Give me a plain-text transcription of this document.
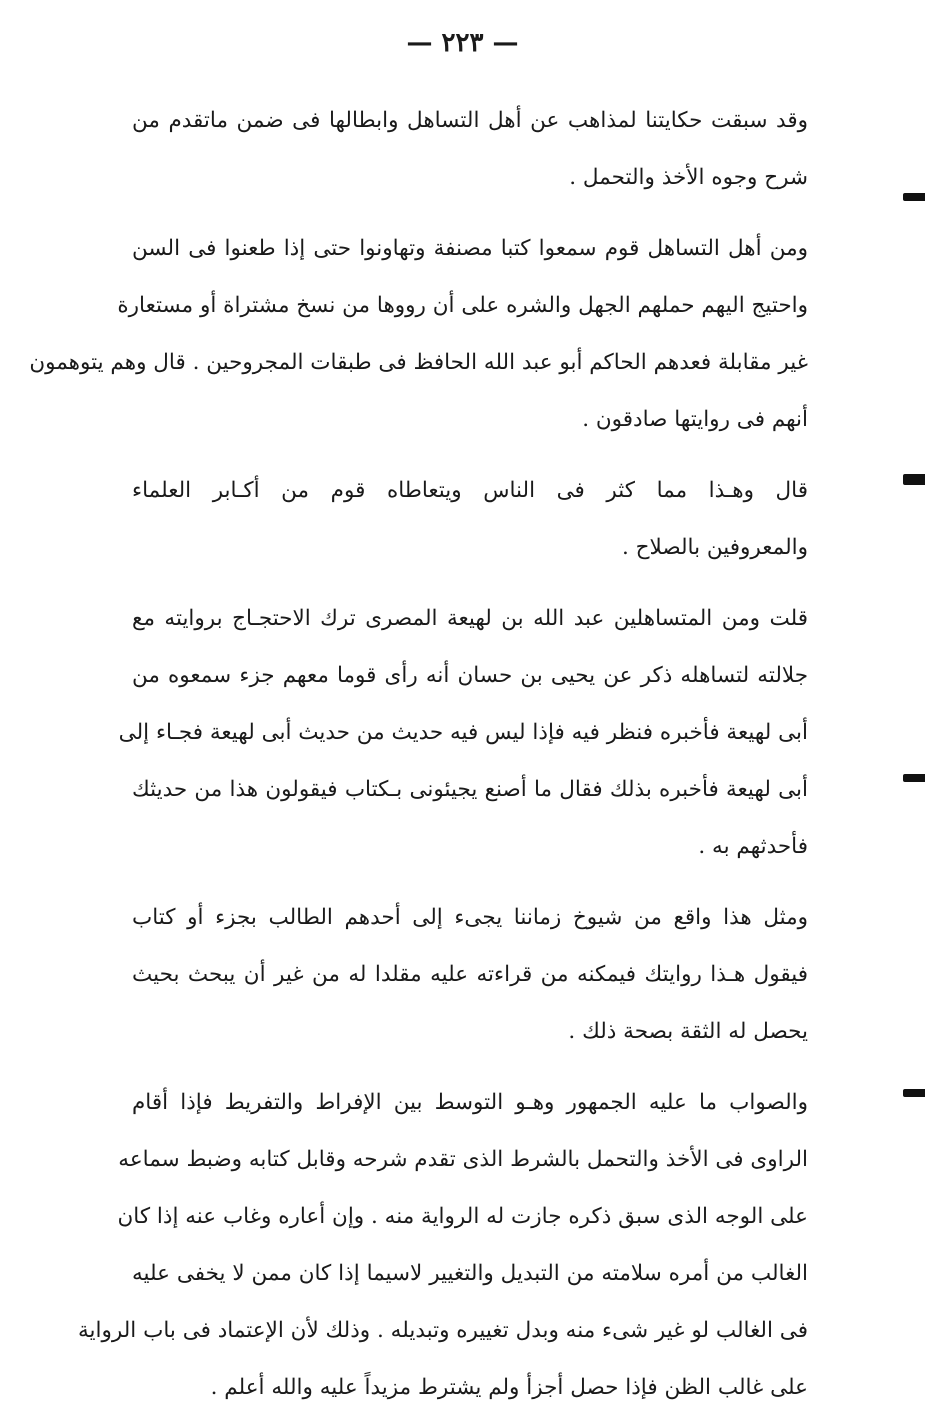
— ٢٢٣ —

وقد سبقت حكايتنا لمذاهب عن أهل التساهل وابطالها فى ضمن ماتقدم من
شرح وجوه الأخذ والتحمل .

ومن أهل التساهل قوم سمعوا كتبا مصنفة وتهاونوا حتى إذا طعنوا فى السن
واحتيج اليهم حملهم الجهل والشره على أن رووها من نسخ مشتراة أو مستعارة
غير مقابلة فعدهم الحاكم أبو عبد الله الحافظ فى طبقات المجروحين . قال وهم يتوهمون
أنهم فى روايتها صادقون .

قال وهـذا مما كثر فى الناس ويتعاطاه قوم من أكـابر العلماء
والمعروفين بالصلاح .

قلت ومن المتساهلين عبد الله بن لهيعة المصرى ترك الاحتجـاج بروايته مع
جلالته لتساهله ذكر عن يحيى بن حسان أنه رأى قوما معهم جزء سمعوه من
أبى لهيعة فأخبره فنظر فيه فإذا ليس فيه حديث من حديث أبى لهيعة فجـاء إلى
أبى لهيعة فأخبره بذلك فقال ما أصنع يجيئونى بـكتاب فيقولون هذا من حديثك
فأحدثهم به .

ومثل هذا واقع من شيوخ زماننا يجىء إلى أحدهم الطالب بجزء أو كتاب
فيقول هـذا روايتك فيمكنه من قراءته عليه مقلدا له من غير أن يبحث بحيث
يحصل له الثقة بصحة ذلك .

والصواب ما عليه الجمهور وهـو التوسط بين الإفراط والتفريط فإذا أقام
الراوى فى الأخذ والتحمل بالشرط الذى تقدم شرحه وقابل كتابه وضبط سماعه
على الوجه الذى سبق ذكره جازت له الرواية منه . وإن أعاره وغاب عنه إذا كان
الغالب من أمره سلامته من التبديل والتغيير لاسيما إذا كان ممن لا يخفى عليه
فى الغالب لو غير شىء منه وبدل تغييره وتبديله . وذلك لأن الإعتماد فى باب الرواية
على غالب الظن فإذا حصل أجزأ ولم يشترط مزيداً عليه والله أعلم .
